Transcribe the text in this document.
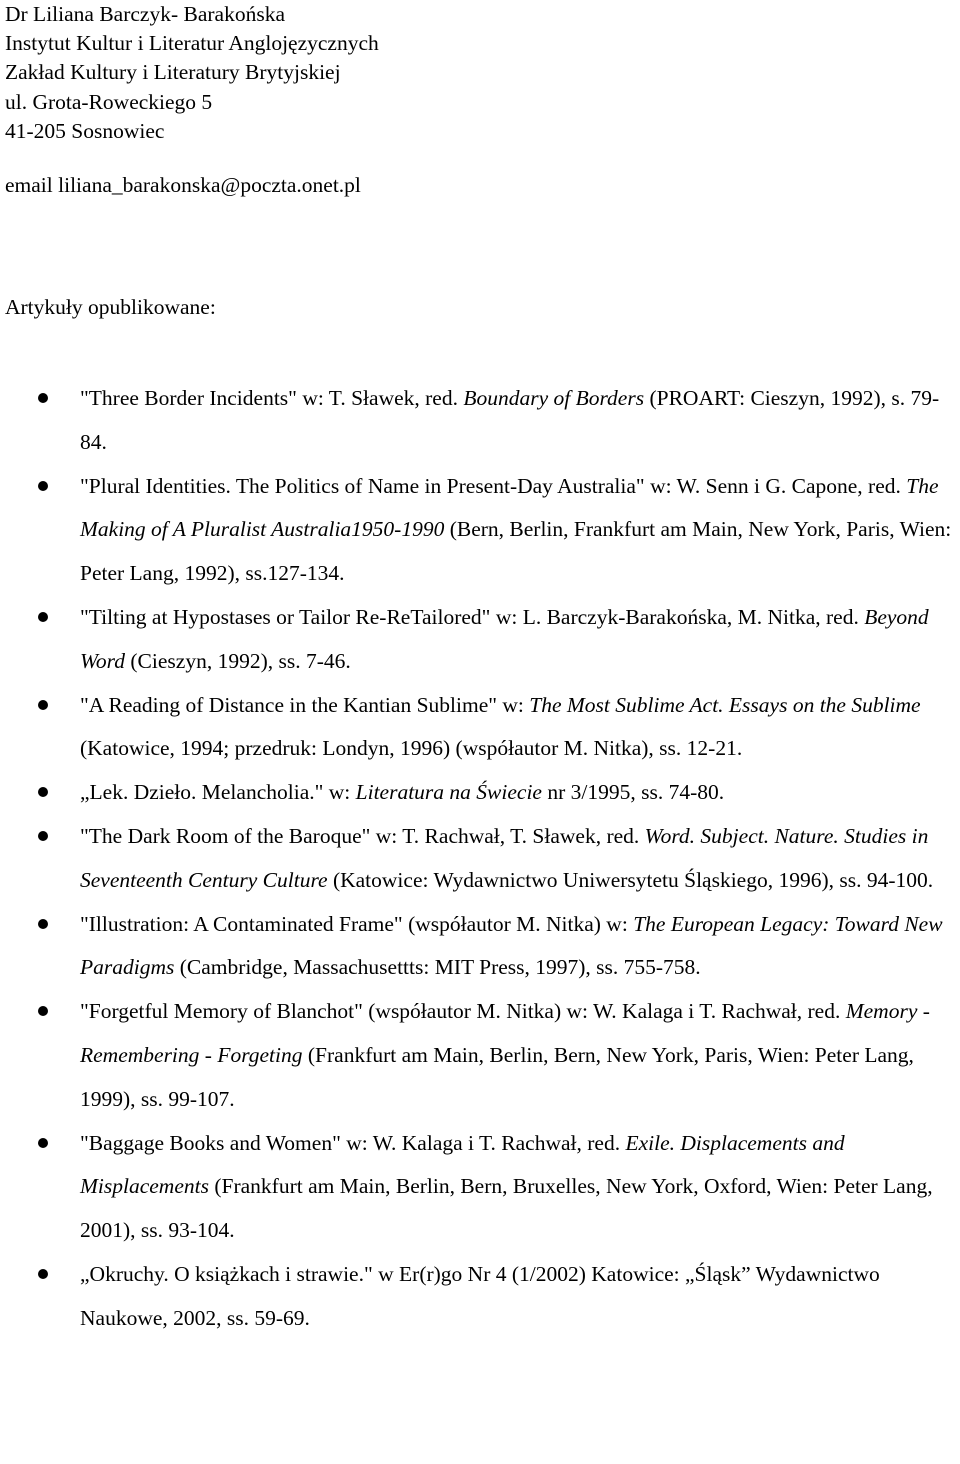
Dr Liliana Barczyk- Barakońska
Instytut Kultur i Literatur Anglojęzycznych
Zakład Kultury i Literatury Brytyjskiej
ul. Grota-Roweckiego 5
41-205 Sosnowiec
email liliana_barakonska@poczta.onet.pl
Artykuły opublikowane:
"Three Border Incidents" w: T. Sławek, red. Boundary of Borders (PROART: Cieszyn, 1992), s. 79-84.
"Plural Identities. The Politics of Name in Present-Day Australia" w: W. Senn i G. Capone, red. The Making of A Pluralist Australia1950-1990 (Bern, Berlin, Frankfurt am Main, New York, Paris, Wien: Peter Lang, 1992), ss.127-134.
"Tilting at Hypostases or Tailor Re-ReTailored" w: L. Barczyk-Barakońska, M. Nitka, red. Beyond Word (Cieszyn, 1992), ss. 7-46.
"A Reading of Distance in the Kantian Sublime" w: The Most Sublime Act. Essays on the Sublime (Katowice, 1994; przedruk: Londyn, 1996) (współautor M. Nitka), ss. 12-21.
„Lek. Dzieło. Melancholia." w: Literatura na Świecie nr 3/1995, ss. 74-80.
"The Dark Room of the Baroque" w: T. Rachwał, T. Sławek, red. Word. Subject. Nature. Studies in Seventeenth Century Culture (Katowice: Wydawnictwo Uniwersytetu Śląskiego, 1996), ss. 94-100.
"Illustration: A Contaminated Frame" (współautor M. Nitka) w: The European Legacy: Toward New Paradigms (Cambridge, Massachusettts: MIT Press, 1997), ss. 755-758.
"Forgetful Memory of Blanchot" (współautor M. Nitka) w: W. Kalaga i T. Rachwał, red. Memory - Remembering - Forgeting (Frankfurt am Main, Berlin, Bern, New York, Paris, Wien: Peter Lang, 1999), ss. 99-107.
"Baggage Books and Women" w: W. Kalaga i T. Rachwał, red. Exile. Displacements and Misplacements (Frankfurt am Main, Berlin, Bern, Bruxelles, New York, Oxford, Wien: Peter Lang, 2001), ss. 93-104.
„Okruchy. O książkach i strawie." w Er(r)go Nr 4 (1/2002) Katowice: „Śląsk” Wydawnictwo Naukowe, 2002, ss. 59-69.
